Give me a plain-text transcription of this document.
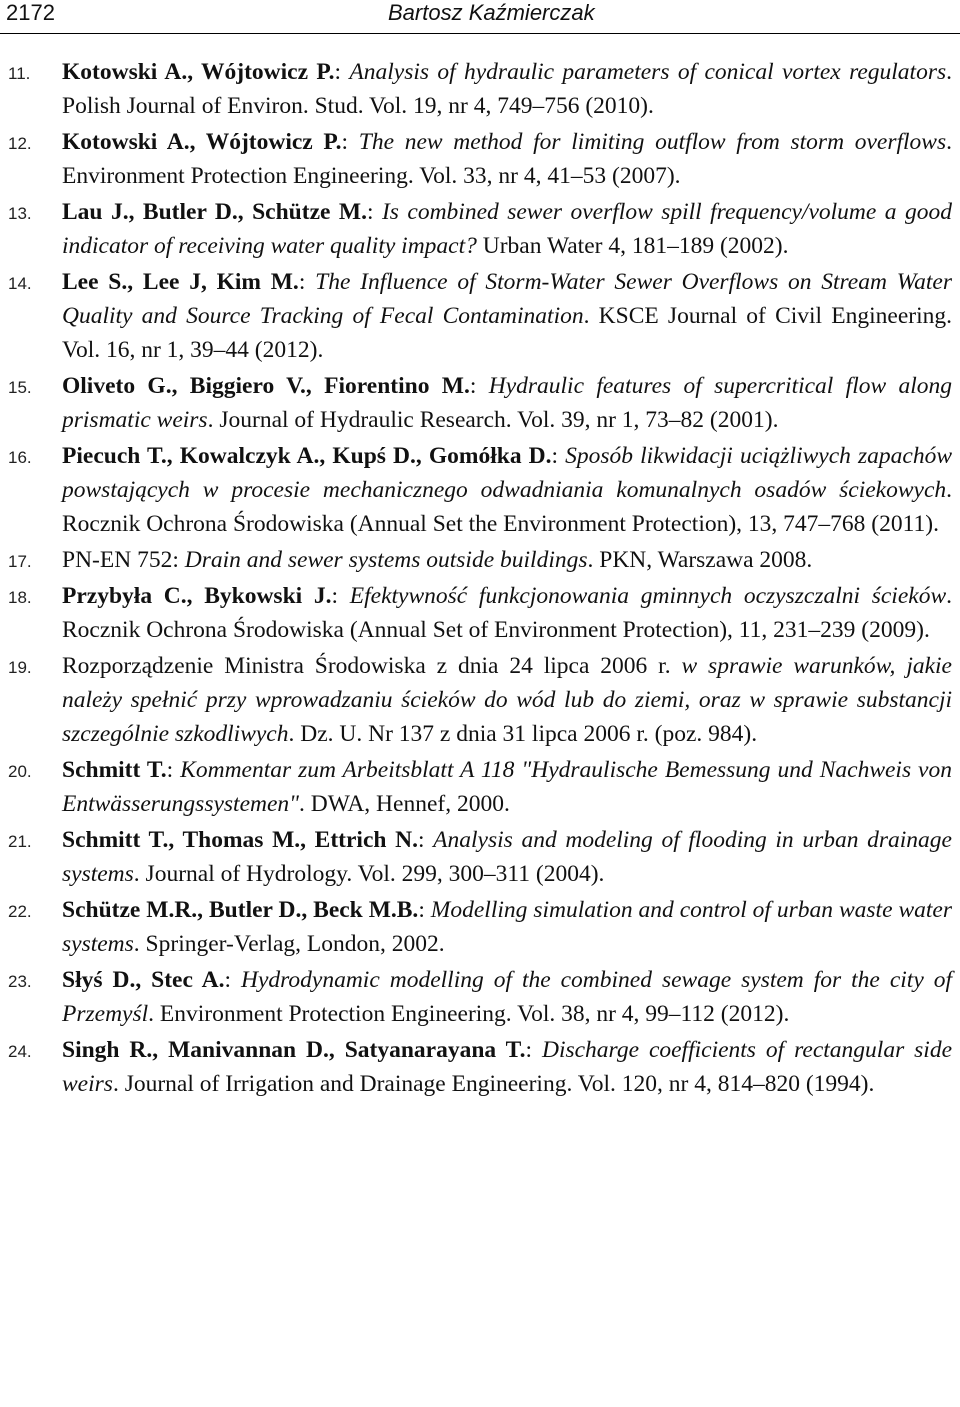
2172	Bartosz Kaźmierczak
11. Kotowski A., Wójtowicz P.: Analysis of hydraulic parameters of conical vortex regulators. Polish Journal of Environ. Stud. Vol. 19, nr 4, 749–756 (2010).
12. Kotowski A., Wójtowicz P.: The new method for limiting outflow from storm overflows. Environment Protection Engineering. Vol. 33, nr 4, 41–53 (2007).
13. Lau J., Butler D., Schütze M.: Is combined sewer overflow spill frequency/volume a good indicator of receiving water quality impact? Urban Water 4, 181–189 (2002).
14. Lee S., Lee J, Kim M.: The Influence of Storm-Water Sewer Overflows on Stream Water Quality and Source Tracking of Fecal Contamination. KSCE Journal of Civil Engineering. Vol. 16, nr 1, 39–44 (2012).
15. Oliveto G., Biggiero V., Fiorentino M.: Hydraulic features of supercritical flow along prismatic weirs. Journal of Hydraulic Research. Vol. 39, nr 1, 73–82 (2001).
16. Piecuch T., Kowalczyk A., Kupś D., Gomółka D.: Sposób likwidacji uciążliwych zapachów powstających w procesie mechanicznego odwadniania komunalnych osadów ściekowych. Rocznik Ochrona Środowiska (Annual Set the Environment Protection), 13, 747–768 (2011).
17. PN-EN 752: Drain and sewer systems outside buildings. PKN, Warszawa 2008.
18. Przybyła C., Bykowski J.: Efektywność funkcjonowania gminnych oczyszczalni ścieków. Rocznik Ochrona Środowiska (Annual Set of Environment Protection), 11, 231–239 (2009).
19. Rozporządzenie Ministra Środowiska z dnia 24 lipca 2006 r. w sprawie warunków, jakie należy spełnić przy wprowadzaniu ścieków do wód lub do ziemi, oraz w sprawie substancji szczególnie szkodliwych. Dz. U. Nr 137 z dnia 31 lipca 2006 r. (poz. 984).
20. Schmitt T.: Kommentar zum Arbeitsblatt A 118 "Hydraulische Bemessung und Nachweis von Entwässerungssystemen". DWA, Hennef, 2000.
21. Schmitt T., Thomas M., Ettrich N.: Analysis and modeling of flooding in urban drainage systems. Journal of Hydrology. Vol. 299, 300–311 (2004).
22. Schütze M.R., Butler D., Beck M.B.: Modelling simulation and control of urban waste water systems. Springer-Verlag, London, 2002.
23. Słyś D., Stec A.: Hydrodynamic modelling of the combined sewage system for the city of Przemyśl. Environment Protection Engineering. Vol. 38, nr 4, 99–112 (2012).
24. Singh R., Manivannan D., Satyanarayana T.: Discharge coefficients of rectangular side weirs. Journal of Irrigation and Drainage Engineering. Vol. 120, nr 4, 814–820 (1994).
